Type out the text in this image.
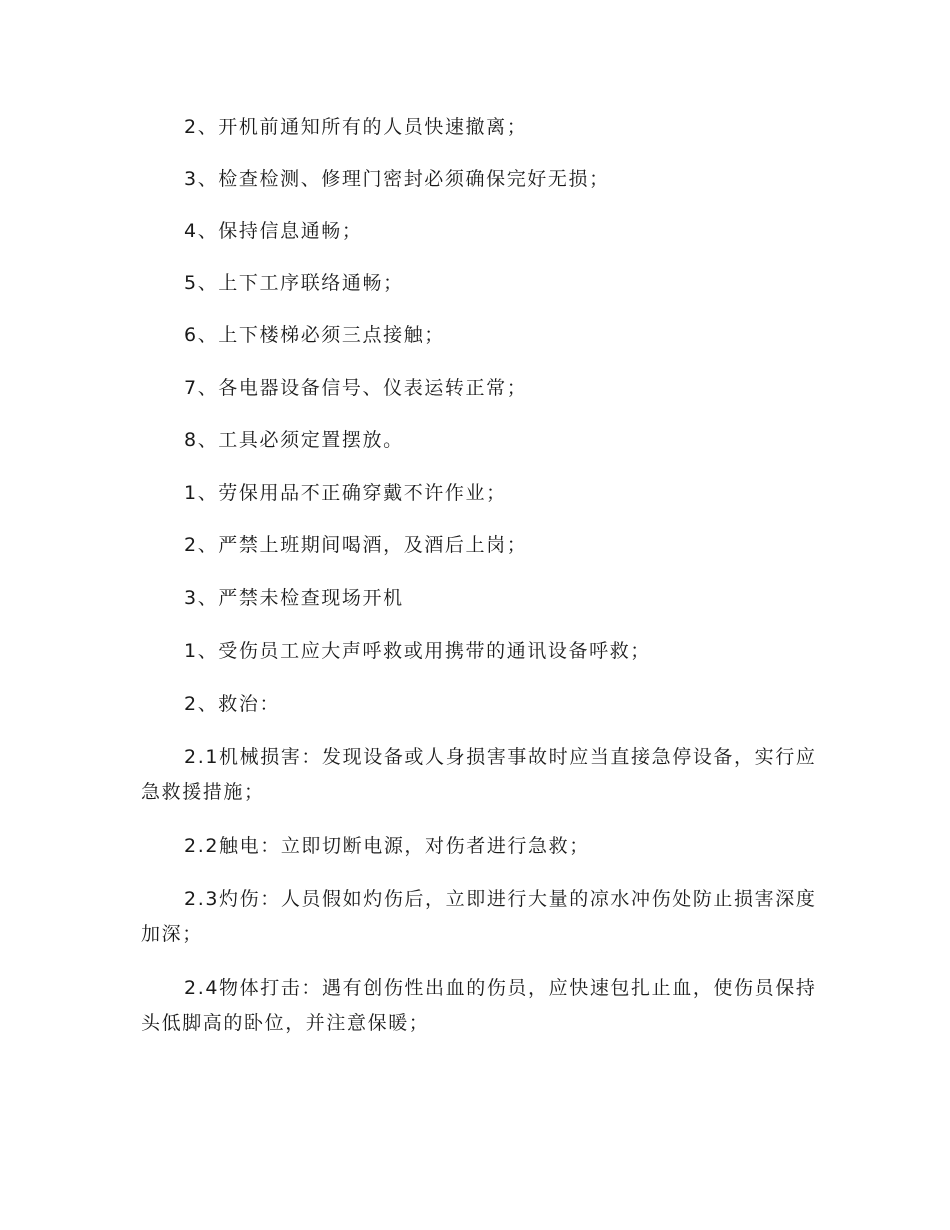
2、开机前通知所有的人员快速撤离；

3、检查检测、修理门密封必须确保完好无损；

4、保持信息通畅；

5、上下工序联络通畅；

6、上下楼梯必须三点接触；

7、各电器设备信号、仪表运转正常；

8、工具必须定置摆放。

1、劳保用品不正确穿戴不许作业；

2、严禁上班期间喝酒，及酒后上岗；

3、严禁未检查现场开机

1、受伤员工应大声呼救或用携带的通讯设备呼救；

2、救治：

2.1机械损害：发现设备或人身损害事故时应当直接急停设备，实行应急救援措施；

2.2触电：立即切断电源，对伤者进行急救；

2.3灼伤：人员假如灼伤后，立即进行大量的凉水冲伤处防止损害深度加深；

2.4物体打击：遇有创伤性出血的伤员，应快速包扎止血，使伤员保持头低脚高的卧位，并注意保暖；
